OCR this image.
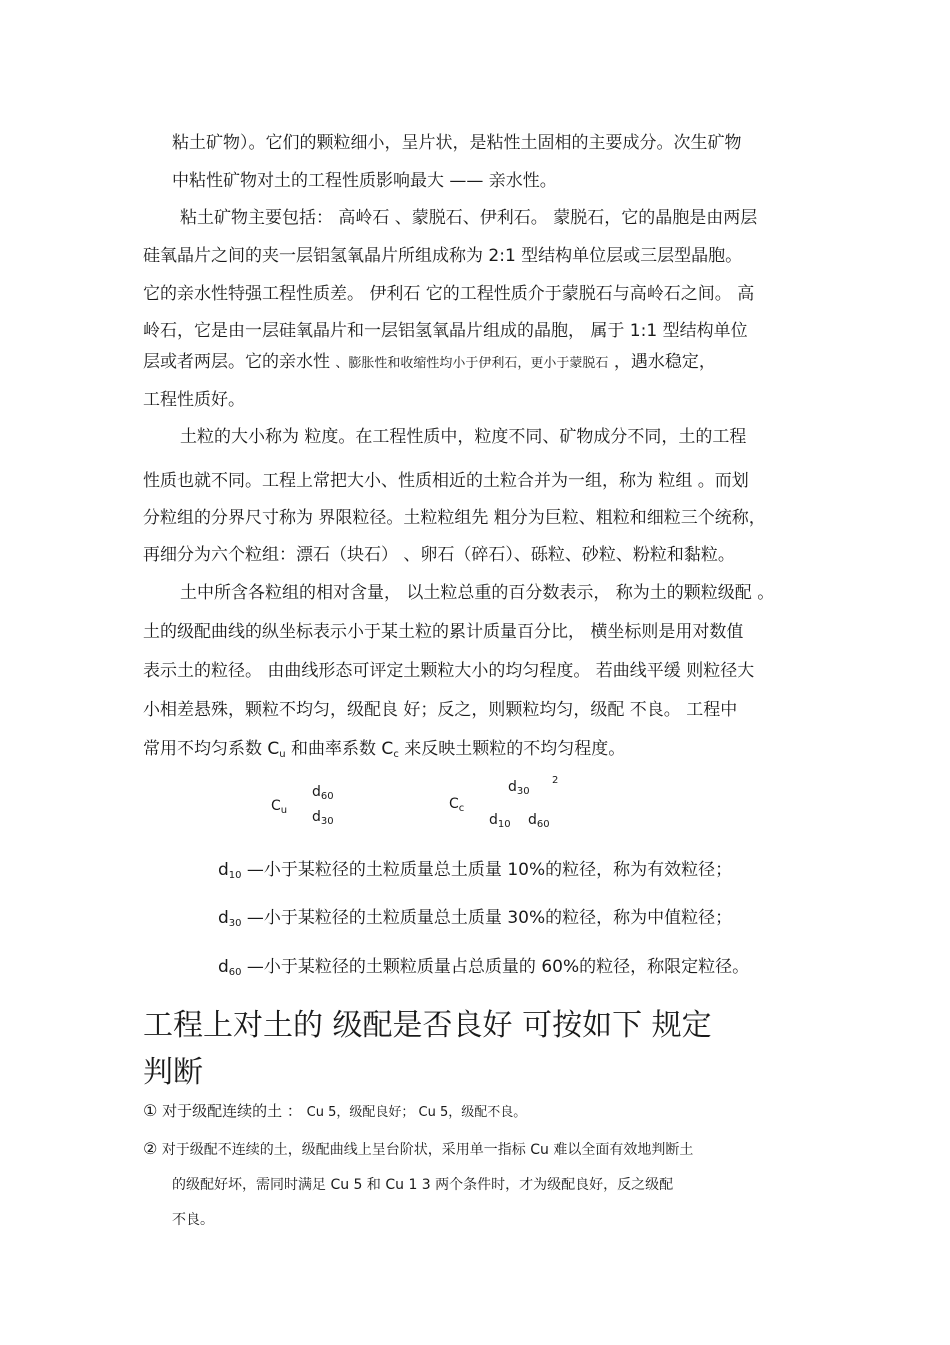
粘土矿物）。它们的颗粒细小，呈片状，是粘性土固相的主要成分。次生矿物
中粘性矿物对土的工程性质影响最大 —— 亲水性。
粘土矿物主要包括： 高岭石 、蒙脱石、伊利石。 蒙脱石，它的晶胞是由两层
硅氧晶片之间的夹一层铝氢氧晶片所组成称为 2:1 型结构单位层或三层型晶胞。
它的亲水性特强工程性质差。 伊利石 它的工程性质介于蒙脱石与高岭石之间。 高
岭石，它是由一层硅氧晶片和一层铝氢氧晶片组成的晶胞， 属于 1:1 型结构单位
层或者两层。它的亲水性 、膨胀性和收缩性均小于伊利石，更小于蒙脱石 ，遇水稳定，
工程性质好。
土粒的大小称为 粒度。在工程性质中，粒度不同、矿物成分不同，土的工程
性质也就不同。工程上常把大小、性质相近的土粒合并为一组，称为 粒组 。而划
分粒组的分界尺寸称为 界限粒径。土粒粒组先 粗分为巨粒、粗粒和细粒三个统称，
再细分为六个粒组：漂石（块石） 、卵石（碎石）、砾粒、砂粒、粉粒和黏粒。
土中所含各粒组的相对含量， 以土粒总重的百分数表示， 称为土的颗粒级配 。
土的级配曲线的纵坐标表示小于某土粒的累计质量百分比， 横坐标则是用对数值
表示土的粒径。 由曲线形态可评定土颗粒大小的均匀程度。 若曲线平缓 则粒径大
小相差悬殊，颗粒不均匀，级配良 好；反之，则颗粒均匀，级配 不良。 工程中
常用不均匀系数 $C_u$ 和曲率系数 $C_c$ 来反映土颗粒的不均匀程度。
$C_u$
$d_{60}$
$d_{30}$
$C_c$
$d_{30}$
2
$d_{10}$ $d_{60}$
$d_{10}$ —小于某粒径的土粒质量总土质量 10%的粒径，称为有效粒径；
$d_{30}$ —小于某粒径的土粒质量总土质量 30%的粒径，称为中值粒径；
$d_{60}$ —小于某粒径的土颗粒质量占总质量的 60%的粒径，称限定粒径。
工程上对土的 级配是否良好 可按如下 规定
判断
① 对于级配连续的土 ： Cu 5，级配良好； Cu 5，级配不良。
② 对于级配不连续的土，级配曲线上呈台阶状，采用单一指标 Cu 难以全面有效地判断土
的级配好坏，需同时满足 Cu 5 和 Cu 1 3 两个条件时，才为级配良好，反之级配
不良。
